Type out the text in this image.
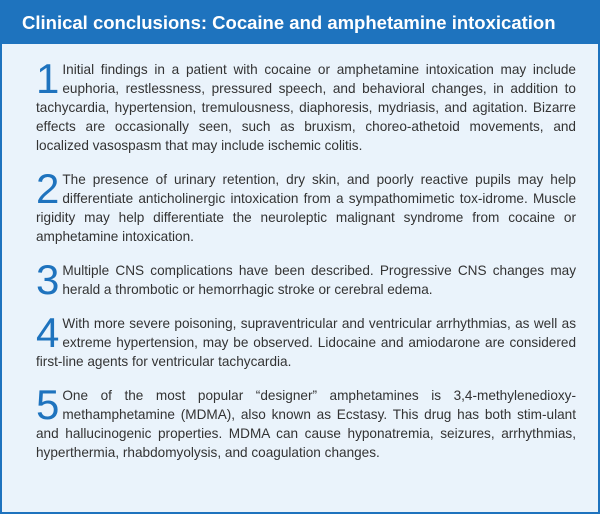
Clinical conclusions: Cocaine and amphetamine intoxication
1 Initial findings in a patient with cocaine or amphetamine intoxication may include euphoria, restlessness, pressured speech, and behavioral changes, in addition to tachycardia, hypertension, tremulousness, diaphoresis, mydriasis, and agitation. Bizarre effects are occasionally seen, such as bruxism, choreo-athetoid movements, and localized vasospasm that may include ischemic colitis.
2 The presence of urinary retention, dry skin, and poorly reactive pupils may help differentiate anticholinergic intoxication from a sympathomimetic tox-idrome. Muscle rigidity may help differentiate the neuroleptic malignant syndrome from cocaine or amphetamine intoxication.
3 Multiple CNS complications have been described. Progressive CNS changes may herald a thrombotic or hemorrhagic stroke or cerebral edema.
4 With more severe poisoning, supraventricular and ventricular arrhythmias, as well as extreme hypertension, may be observed. Lidocaine and amiodarone are considered first-line agents for ventricular tachycardia.
5 One of the most popular “designer” amphetamines is 3,4-methylenedioxy-methamphetamine (MDMA), also known as Ecstasy. This drug has both stim-ulant and hallucinogenic properties. MDMA can cause hyponatremia, seizures, arrhythmias, hyperthermia, rhabdomyolysis, and coagulation changes.
